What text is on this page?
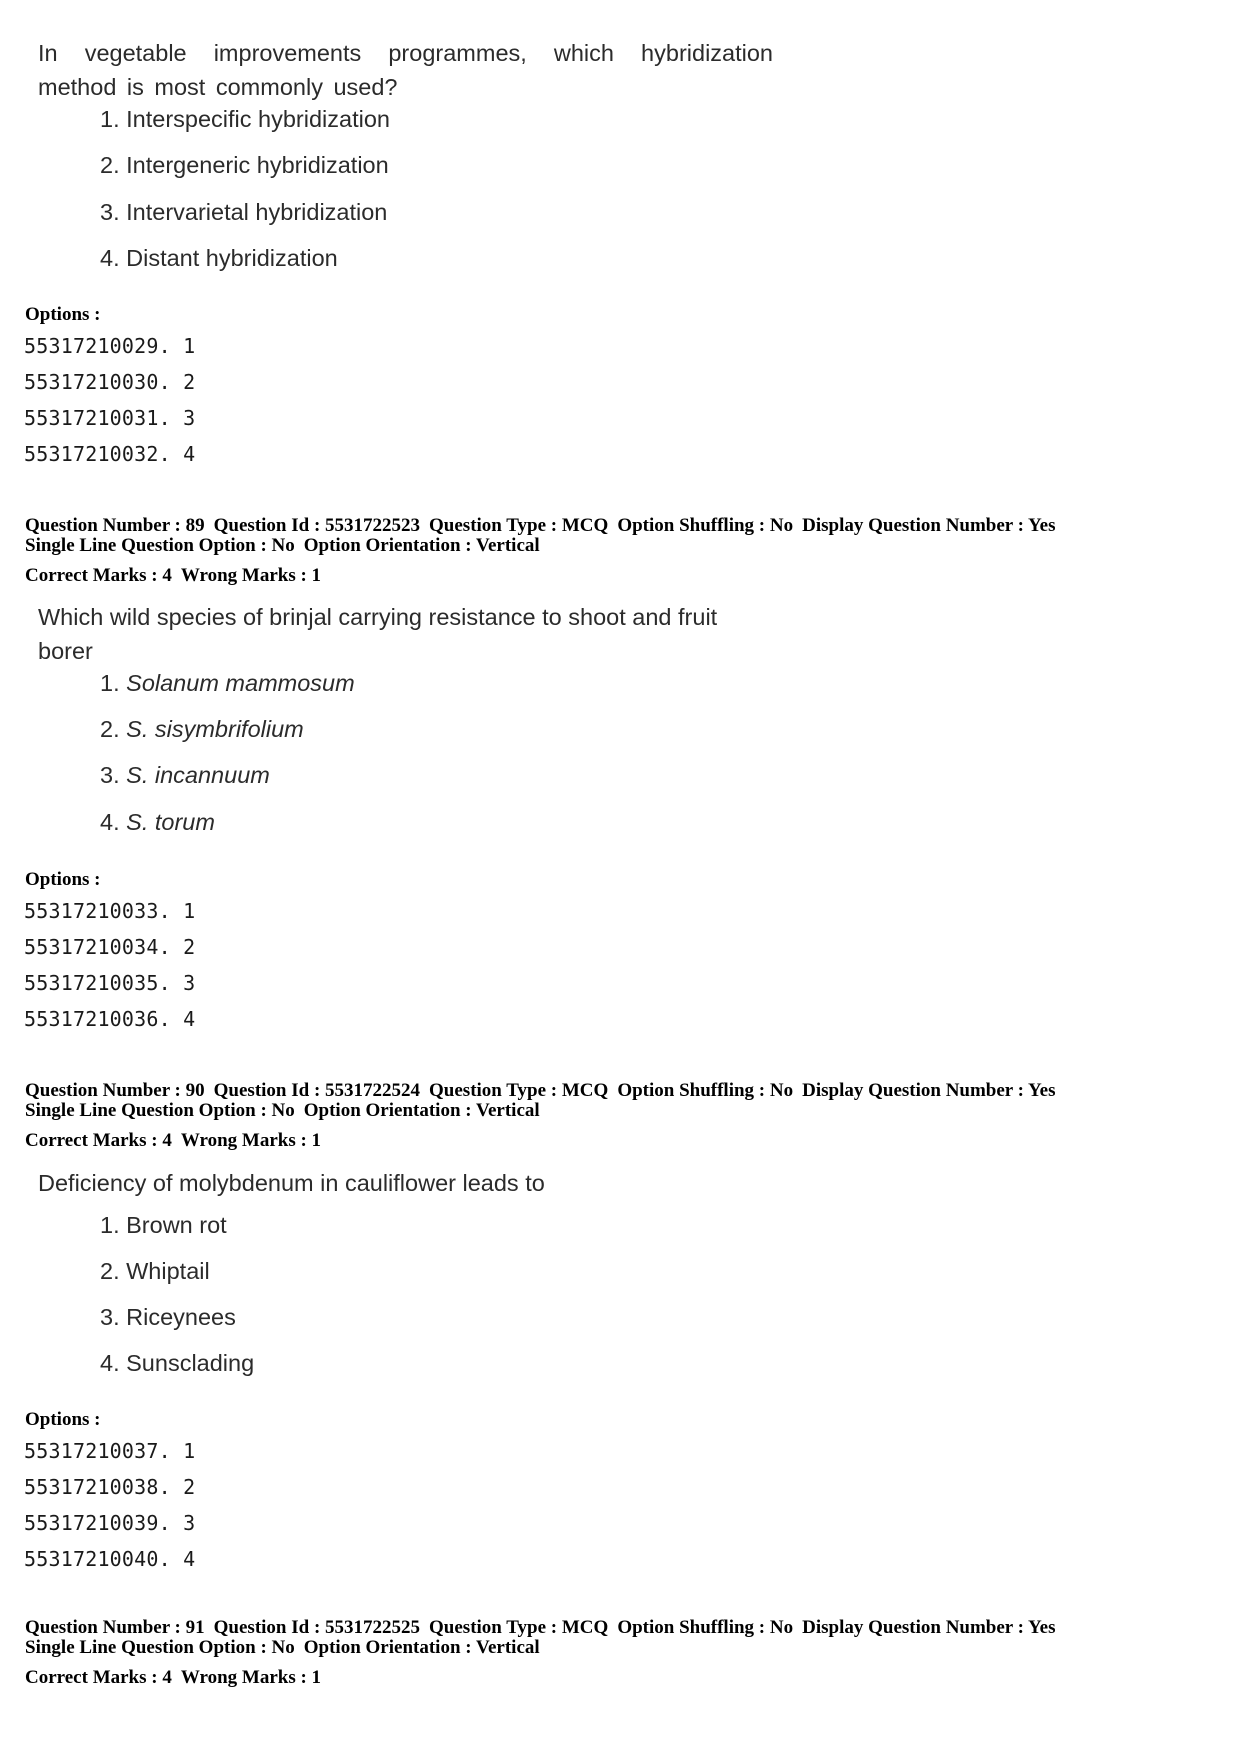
In vegetable improvements programmes, which hybridization method is most commonly used?
1. Interspecific hybridization
2. Intergeneric hybridization
3. Intervarietal hybridization
4. Distant hybridization
Options :
55317210029. 1
55317210030. 2
55317210031. 3
55317210032. 4
Question Number : 89 Question Id : 5531722523 Question Type : MCQ Option Shuffling : No Display Question Number : Yes
Single Line Question Option : No Option Orientation : Vertical
Correct Marks : 4 Wrong Marks : 1
Which wild species of brinjal carrying resistance to shoot and fruit borer
1. Solanum mammosum
2. S. sisymbrifolium
3. S. incannuum
4. S. torum
Options :
55317210033. 1
55317210034. 2
55317210035. 3
55317210036. 4
Question Number : 90 Question Id : 5531722524 Question Type : MCQ Option Shuffling : No Display Question Number : Yes
Single Line Question Option : No Option Orientation : Vertical
Correct Marks : 4 Wrong Marks : 1
Deficiency of molybdenum in cauliflower leads to
1. Brown rot
2. Whiptail
3. Riceynees
4. Sunsclading
Options :
55317210037. 1
55317210038. 2
55317210039. 3
55317210040. 4
Question Number : 91 Question Id : 5531722525 Question Type : MCQ Option Shuffling : No Display Question Number : Yes
Single Line Question Option : No Option Orientation : Vertical
Correct Marks : 4 Wrong Marks : 1
